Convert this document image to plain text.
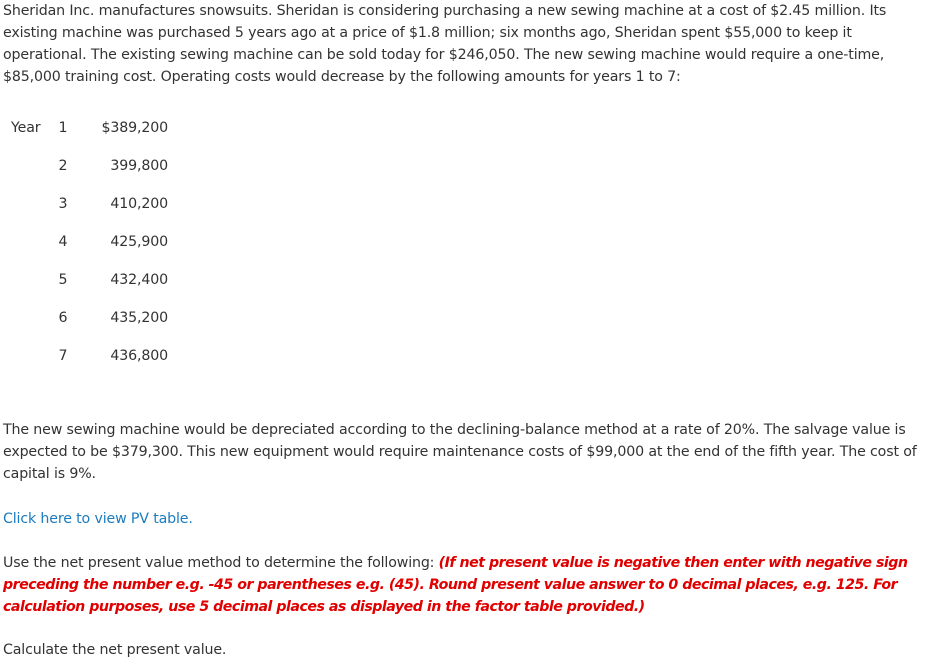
Sheridan Inc. manufactures snowsuits. Sheridan is considering purchasing a new sewing machine at a cost of $2.45 million. Its existing machine was purchased 5 years ago at a price of $1.8 million; six months ago, Sheridan spent $55,000 to keep it operational. The existing sewing machine can be sold today for $246,050. The new sewing machine would require a one-time, $85,000 training cost. Operating costs would decrease by the following amounts for years 1 to 7:

Year 1	$389,200
2	399,800
3	410,200
4	425,900
5	432,400
6	435,200
7	436,800

The new sewing machine would be depreciated according to the declining-balance method at a rate of 20%. The salvage value is expected to be $379,300. This new equipment would require maintenance costs of $99,000 at the end of the fifth year. The cost of capital is 9%.

Click here to view PV table.

Use the net present value method to determine the following: (If net present value is negative then enter with negative sign preceding the number e.g. -45 or parentheses e.g. (45). Round present value answer to 0 decimal places, e.g. 125. For calculation purposes, use 5 decimal places as displayed in the factor table provided.)

Calculate the net present value.
